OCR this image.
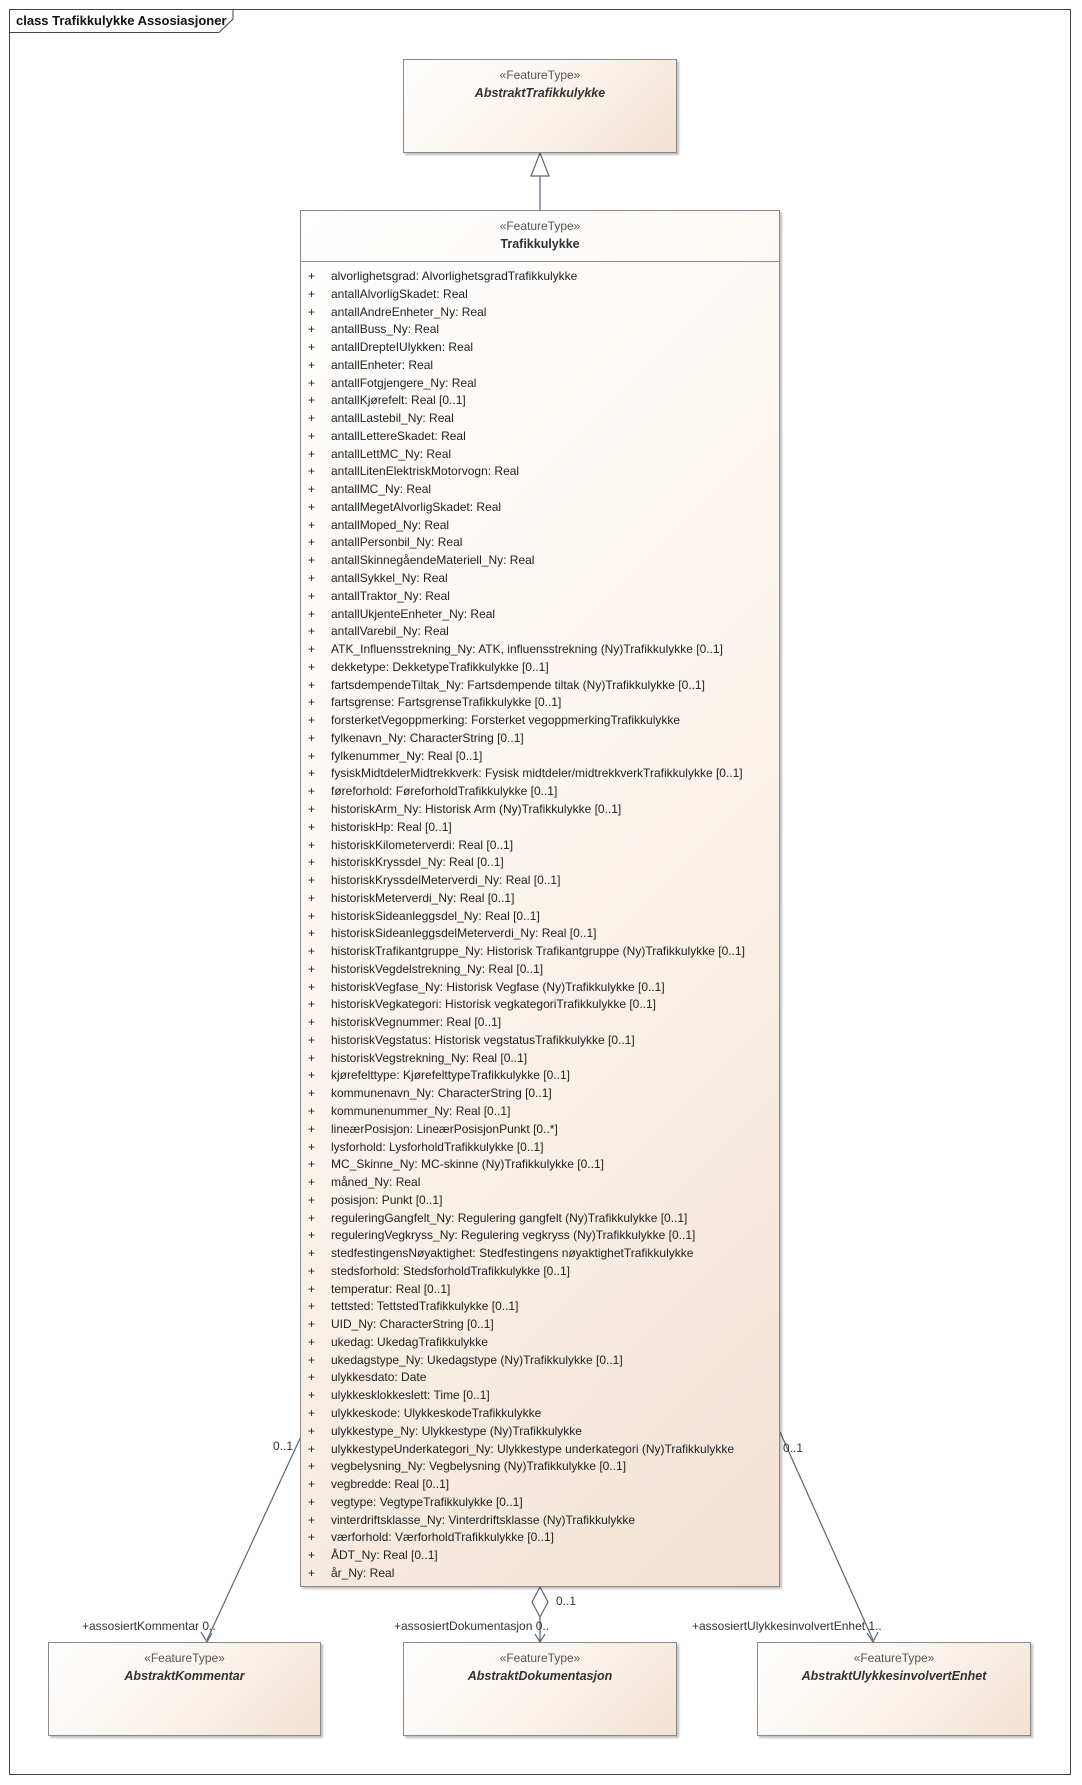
class Trafikkulykke Assosiasjoner
«FeatureType»
AbstraktTrafikkulykke
«FeatureType»
Trafikkulykke
+ alvorlighetsgrad: AlvorlighetsgradTrafikkulykke
+ antallAlvorligSkadet: Real
+ antallAndreEnheter_Ny: Real
+ antallBuss_Ny: Real
+ antallDrepteIUlykken: Real
+ antallEnheter: Real
+ antallFotgjengere_Ny: Real
+ antallKjørefelt: Real [0..1]
+ antallLastebil_Ny: Real
+ antallLettereSkadet: Real
+ antallLettMC_Ny: Real
+ antallLitenElektriskMotorvogn: Real
+ antallMC_Ny: Real
+ antallMegetAlvorligSkadet: Real
+ antallMoped_Ny: Real
+ antallPersonbil_Ny: Real
+ antallSkinnegåendeMateriell_Ny: Real
+ antallSykkel_Ny: Real
+ antallTraktor_Ny: Real
+ antallUkjenteEnheter_Ny: Real
+ antallVarebil_Ny: Real
+ ATK_Influensstrekning_Ny: ATK, influensstrekning (Ny)Trafikkulykke [0..1]
+ dekketype: DekketypeTrafikkulykke [0..1]
+ fartsdempendeTiltak_Ny: Fartsdempende tiltak (Ny)Trafikkulykke [0..1]
+ fartsgrense: FartsgrenseTrafikkulykke [0..1]
+ forsterketVegoppmerking: Forsterket vegoppmerkingTrafikkulykke
+ fylkenavn_Ny: CharacterString [0..1]
+ fylkenummer_Ny: Real [0..1]
+ fysiskMidtdelerMidtrekkverk: Fysisk midtdeler/midtrekkverkTrafikkulykke [0..1]
+ føreforhold: FøreforholdTrafikkulykke [0..1]
+ historiskArm_Ny: Historisk Arm (Ny)Trafikkulykke [0..1]
+ historiskHp: Real [0..1]
+ historiskKilometerverdi: Real [0..1]
+ historiskKryssdel_Ny: Real [0..1]
+ historiskKryssdelMeterverdi_Ny: Real [0..1]
+ historiskMeterverdi_Ny: Real [0..1]
+ historiskSideanleggsdel_Ny: Real [0..1]
+ historiskSideanleggsdelMeterverdi_Ny: Real [0..1]
+ historiskTrafikantgruppe_Ny: Historisk Trafikantgruppe (Ny)Trafikkulykke [0..1]
+ historiskVegdelstrekning_Ny: Real [0..1]
+ historiskVegfase_Ny: Historisk Vegfase (Ny)Trafikkulykke [0..1]
+ historiskVegkategori: Historisk vegkategoriTrafikkulykke [0..1]
+ historiskVegnummer: Real [0..1]
+ historiskVegstatus: Historisk vegstatusTrafikkulykke [0..1]
+ historiskVegstrekning_Ny: Real [0..1]
+ kjørefelttype: KjørefelttypeTrafikkulykke [0..1]
+ kommunenavn_Ny: CharacterString [0..1]
+ kommunenummer_Ny: Real [0..1]
+ lineærPosisjon: LineærPosisjonPunkt [0..*]
+ lysforhold: LysforholdTrafikkulykke [0..1]
+ MC_Skinne_Ny: MC-skinne (Ny)Trafikkulykke [0..1]
+ måned_Ny: Real
+ posisjon: Punkt [0..1]
+ reguleringGangfelt_Ny: Regulering gangfelt (Ny)Trafikkulykke [0..1]
+ reguleringVegkryss_Ny: Regulering vegkryss (Ny)Trafikkulykke [0..1]
+ stedfestingensNøyaktighet: Stedfestingens nøyaktighetTrafikkulykke
+ stedsforhold: StedsforholdTrafikkulykke [0..1]
+ temperatur: Real [0..1]
+ tettsted: TettstedTrafikkulykke [0..1]
+ UID_Ny: CharacterString [0..1]
+ ukedag: UkedagTrafikkulykke
+ ukedagstype_Ny: Ukedagstype (Ny)Trafikkulykke [0..1]
+ ulykkesdato: Date
+ ulykkesklokkeslett: Time [0..1]
+ ulykkeskode: UlykkeskodeTrafikkulykke
+ ulykkestype_Ny: Ulykkestype (Ny)Trafikkulykke
+ ulykkestypeUnderkategori_Ny: Ulykkestype underkategori (Ny)Trafikkulykke
+ vegbelysning_Ny: Vegbelysning (Ny)Trafikkulykke [0..1]
+ vegbredde: Real [0..1]
+ vegtype: VegtypeTrafikkulykke [0..1]
+ vinterdriftsklasse_Ny: Vinterdriftsklasse (Ny)Trafikkulykke
+ værforhold: VærforholdTrafikkulykke [0..1]
+ ÅDT_Ny: Real [0..1]
+ år_Ny: Real
0..1
0..1
0..1
+assosiertKommentar 0..	+assosiertDokumentasjon 0..	+assosiertUlykkesinvolvertEnhet 1..
«FeatureType»
AbstraktKommentar
«FeatureType»
AbstraktDokumentasjon
«FeatureType»
AbstraktUlykkesinvolvertEnhet
